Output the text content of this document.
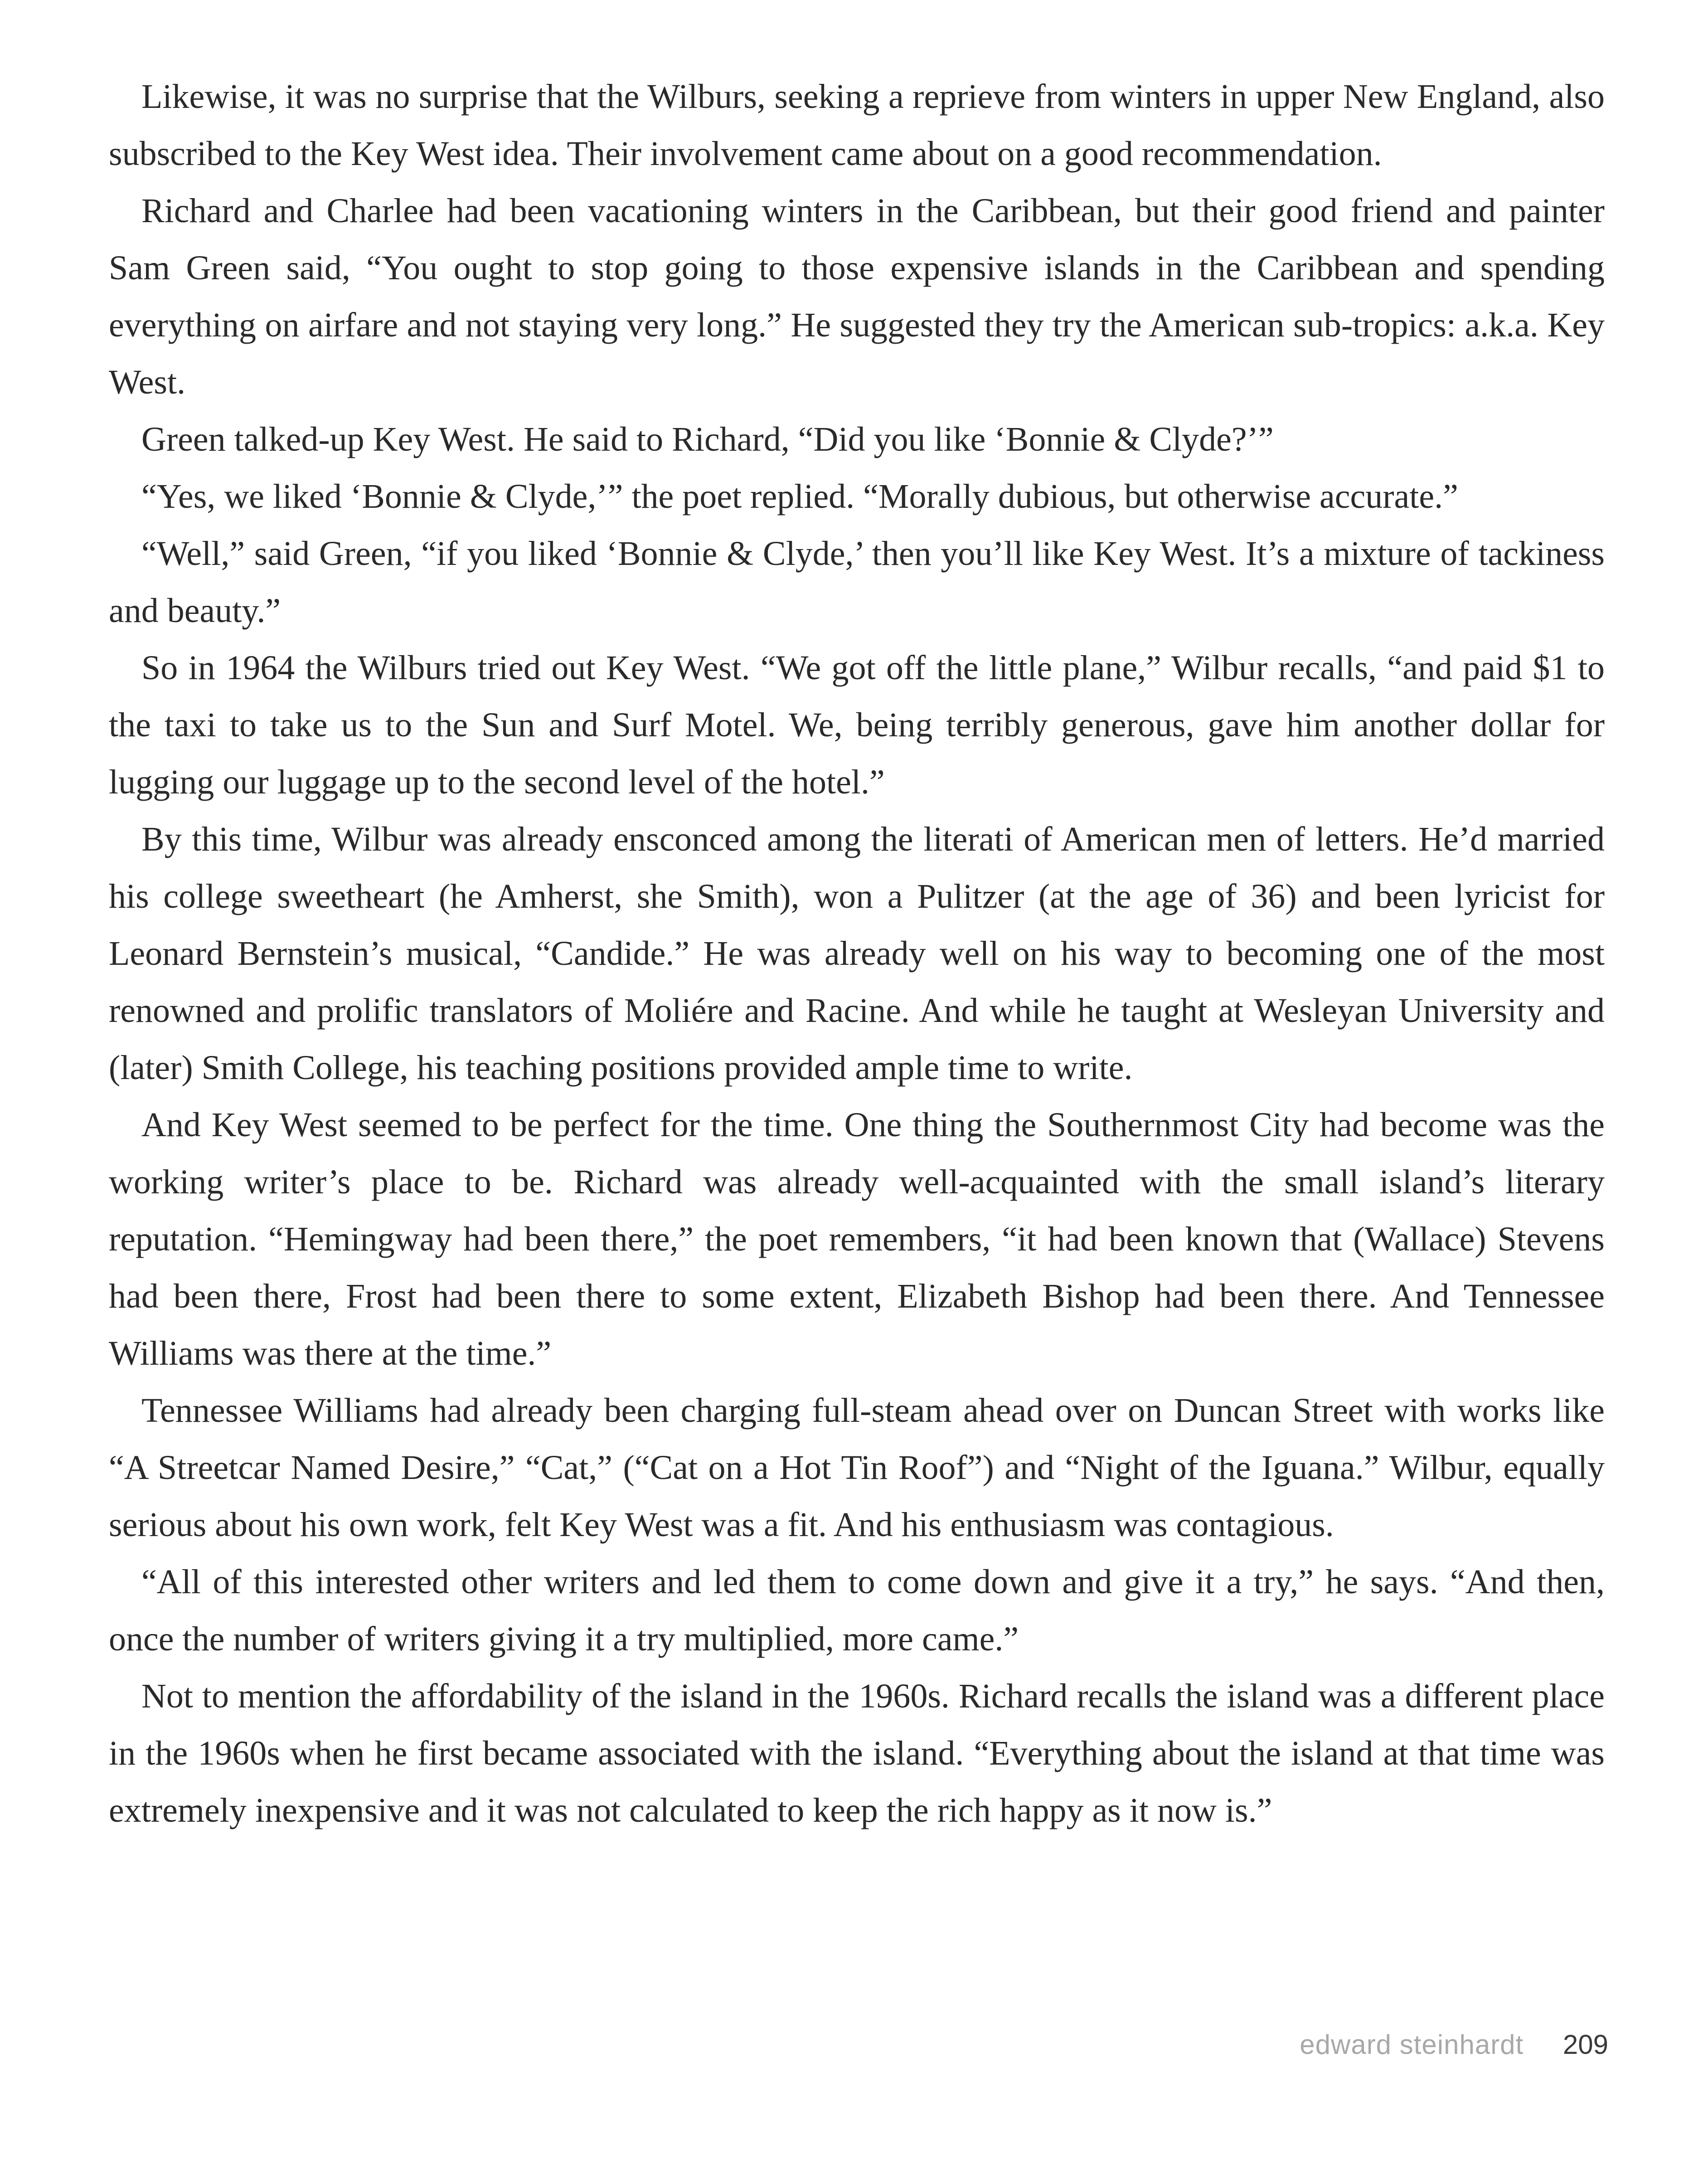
Likewise, it was no surprise that the Wilburs, seeking a reprieve from winters in upper New England, also subscribed to the Key West idea. Their involvement came about on a good recommendation.

Richard and Charlee had been vacationing winters in the Caribbean, but their good friend and painter Sam Green said, “You ought to stop going to those expensive islands in the Caribbean and spending everything on airfare and not staying very long.” He suggested they try the American sub-tropics: a.k.a. Key West.

Green talked-up Key West. He said to Richard, “Did you like ‘Bonnie & Clyde?’”

“Yes, we liked ‘Bonnie & Clyde,’” the poet replied. “Morally dubious, but otherwise accurate.”

“Well,” said Green, “if you liked ‘Bonnie & Clyde,’ then you’ll like Key West. It’s a mixture of tackiness and beauty.”

So in 1964 the Wilburs tried out Key West. “We got off the little plane,” Wilbur recalls, “and paid $1 to the taxi to take us to the Sun and Surf Motel. We, being terribly generous, gave him another dollar for lugging our luggage up to the second level of the hotel.”

By this time, Wilbur was already ensconced among the literati of American men of letters. He’d married his college sweetheart (he Amherst, she Smith), won a Pulitzer (at the age of 36) and been lyricist for Leonard Bernstein’s musical, “Candide.” He was already well on his way to becoming one of the most renowned and prolific translators of Moliére and Racine. And while he taught at Wesleyan University and (later) Smith College, his teaching positions provided ample time to write.

And Key West seemed to be perfect for the time. One thing the Southernmost City had become was the working writer’s place to be. Richard was already well-acquainted with the small island’s literary reputation. “Hemingway had been there,” the poet remembers, “it had been known that (Wallace) Stevens had been there, Frost had been there to some extent, Elizabeth Bishop had been there. And Tennessee Williams was there at the time.”

Tennessee Williams had already been charging full-steam ahead over on Duncan Street with works like “A Streetcar Named Desire,” “Cat,” (“Cat on a Hot Tin Roof”) and “Night of the Iguana.” Wilbur, equally serious about his own work, felt Key West was a fit. And his enthusiasm was contagious.

“All of this interested other writers and led them to come down and give it a try,” he says. “And then, once the number of writers giving it a try multiplied, more came.”

Not to mention the affordability of the island in the 1960s. Richard recalls the island was a different place in the 1960s when he first became associated with the island. “Everything about the island at that time was extremely inexpensive and it was not calculated to keep the rich happy as it now is.”

edward steinhardt 209
